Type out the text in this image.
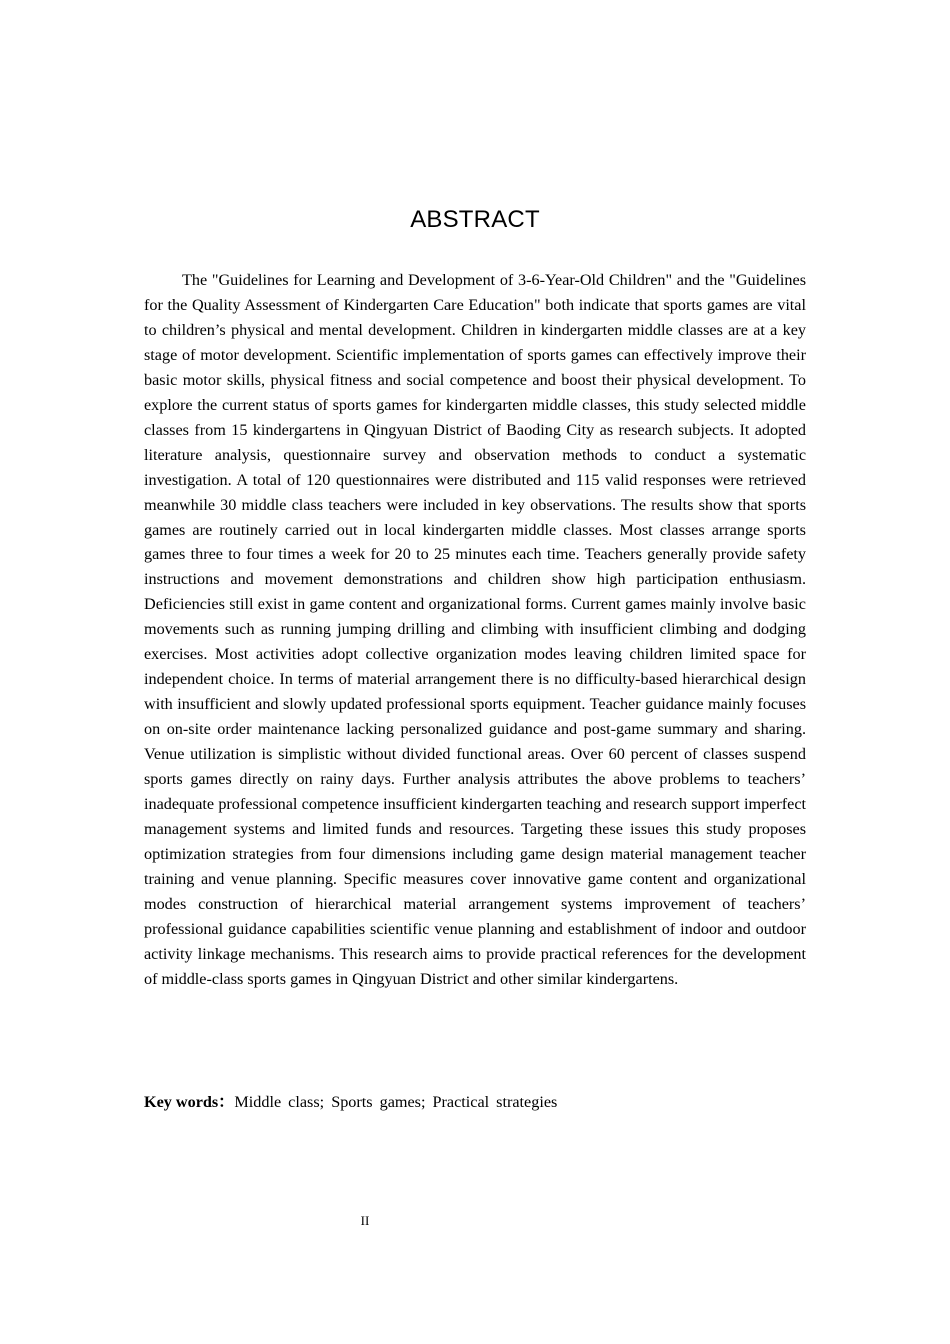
ABSTRACT

The "Guidelines for Learning and Development of 3-6-Year-Old Children" and the "Guidelines for the Quality Assessment of Kindergarten Care Education" both indicate that sports games are vital to children’s physical and mental development. Children in kindergarten middle classes are at a key stage of motor development. Scientific implementation of sports games can effectively improve their basic motor skills, physical fitness and social competence and boost their physical development. To explore the current status of sports games for kindergarten middle classes, this study selected middle classes from 15 kindergartens in Qingyuan District of Baoding City as research subjects. It adopted literature analysis, questionnaire survey and observation methods to conduct a systematic investigation. A total of 120 questionnaires were distributed and 115 valid responses were retrieved meanwhile 30 middle class teachers were included in key observations. The results show that sports games are routinely carried out in local kindergarten middle classes. Most classes arrange sports games three to four times a week for 20 to 25 minutes each time. Teachers generally provide safety instructions and movement demonstrations and children show high participation enthusiasm. Deficiencies still exist in game content and organizational forms. Current games mainly involve basic movements such as running jumping drilling and climbing with insufficient climbing and dodging exercises. Most activities adopt collective organization modes leaving children limited space for independent choice. In terms of material arrangement there is no difficulty-based hierarchical design with insufficient and slowly updated professional sports equipment. Teacher guidance mainly focuses on on-site order maintenance lacking personalized guidance and post-game summary and sharing. Venue utilization is simplistic without divided functional areas. Over 60 percent of classes suspend sports games directly on rainy days. Further analysis attributes the above problems to teachers’ inadequate professional competence insufficient kindergarten teaching and research support imperfect management systems and limited funds and resources. Targeting these issues this study proposes optimization strategies from four dimensions including game design material management teacher training and venue planning. Specific measures cover innovative game content and organizational modes construction of hierarchical material arrangement systems improvement of teachers’ professional guidance capabilities scientific venue planning and establishment of indoor and outdoor activity linkage mechanisms. This research aims to provide practical references for the development of middle-class sports games in Qingyuan District and other similar kindergartens.

Key words：Middle class; Sports games; Practical strategies

II
